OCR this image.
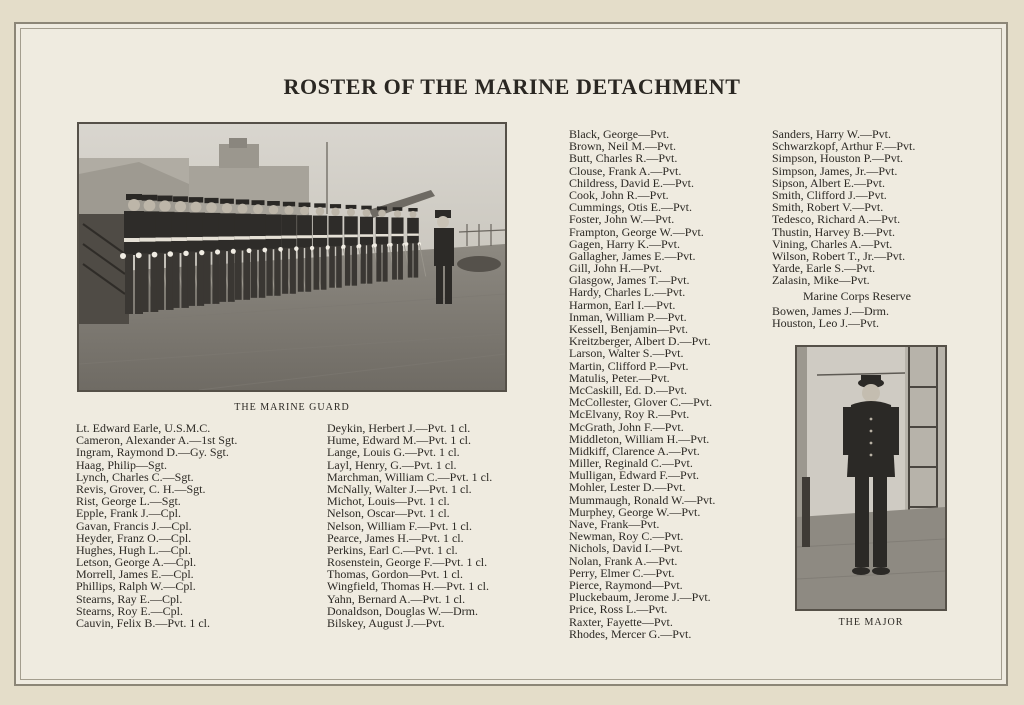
ROSTER OF THE MARINE DETACHMENT
THE MARINE GUARD
THE MAJOR
Lt. Edward Earle, U.S.M.C.
Cameron, Alexander A.—1st Sgt.
Ingram, Raymond D.—Gy. Sgt.
Haag, Philip—Sgt.
Lynch, Charles C.—Sgt.
Revis, Grover, C. H.—Sgt.
Rist, George L.—Sgt.
Epple, Frank J.—Cpl.
Gavan, Francis J.—Cpl.
Heyder, Franz O.—Cpl.
Hughes, Hugh L.—Cpl.
Letson, George A.—Cpl.
Morrell, James E.—Cpl.
Phillips, Ralph W.—Cpl.
Stearns, Ray E.—Cpl.
Stearns, Roy E.—Cpl.
Cauvin, Felix B.—Pvt. 1 cl.
Deykin, Herbert J.—Pvt. 1 cl.
Hume, Edward M.—Pvt. 1 cl.
Lange, Louis G.—Pvt. 1 cl.
Layl, Henry, G.—Pvt. 1 cl.
Marchman, William C.—Pvt. 1 cl.
McNally, Walter J.—Pvt. 1 cl.
Michot, Louis—Pvt. 1 cl.
Nelson, Oscar—Pvt. 1 cl.
Nelson, William F.—Pvt. 1 cl.
Pearce, James H.—Pvt. 1 cl.
Perkins, Earl C.—Pvt. 1 cl.
Rosenstein, George F.—Pvt. 1 cl.
Thomas, Gordon—Pvt. 1 cl.
Wingfield, Thomas H.—Pvt. 1 cl.
Yahn, Bernard A.—Pvt. 1 cl.
Donaldson, Douglas W.—Drm.
Bilskey, August J.—Pvt.
Black, George—Pvt.
Brown, Neil M.—Pvt.
Butt, Charles R.—Pvt.
Clouse, Frank A.—Pvt.
Childress, David E.—Pvt.
Cook, John R.—Pvt.
Cummings, Otis E.—Pvt.
Foster, John W.—Pvt.
Frampton, George W.—Pvt.
Gagen, Harry K.—Pvt.
Gallagher, James E.—Pvt.
Gill, John H.—Pvt.
Glasgow, James T.—Pvt.
Hardy, Charles L.—Pvt.
Harmon, Earl I.—Pvt.
Inman, William P.—Pvt.
Kessell, Benjamin—Pvt.
Kreitzberger, Albert D.—Pvt.
Larson, Walter S.—Pvt.
Martin, Clifford P.—Pvt.
Matulis, Peter.—Pvt.
McCaskill, Ed. D.—Pvt.
McCollester, Glover C.—Pvt.
McElvany, Roy R.—Pvt.
McGrath, John F.—Pvt.
Middleton, William H.—Pvt.
Midkiff, Clarence A.—Pvt.
Miller, Reginald C.—Pvt.
Mulligan, Edward F.—Pvt.
Mohler, Lester D.—Pvt.
Mummaugh, Ronald W.—Pvt.
Murphey, George W.—Pvt.
Nave, Frank—Pvt.
Newman, Roy C.—Pvt.
Nichols, David I.—Pvt.
Nolan, Frank A.—Pvt.
Perry, Elmer C.—Pvt.
Pierce, Raymond—Pvt.
Pluckebaum, Jerome J.—Pvt.
Price, Ross L.—Pvt.
Raxter, Fayette—Pvt.
Rhodes, Mercer G.—Pvt.
Sanders, Harry W.—Pvt.
Schwarzkopf, Arthur F.—Pvt.
Simpson, Houston P.—Pvt.
Simpson, James, Jr.—Pvt.
Sipson, Albert E.—Pvt.
Smith, Clifford J.—Pvt.
Smith, Robert V.—Pvt.
Tedesco, Richard A.—Pvt.
Thustin, Harvey B.—Pvt.
Vining, Charles A.—Pvt.
Wilson, Robert T., Jr.—Pvt.
Yarde, Earle S.—Pvt.
Zalasin, Mike—Pvt.
Marine Corps Reserve
Bowen, James J.—Drm.
Houston, Leo J.—Pvt.
